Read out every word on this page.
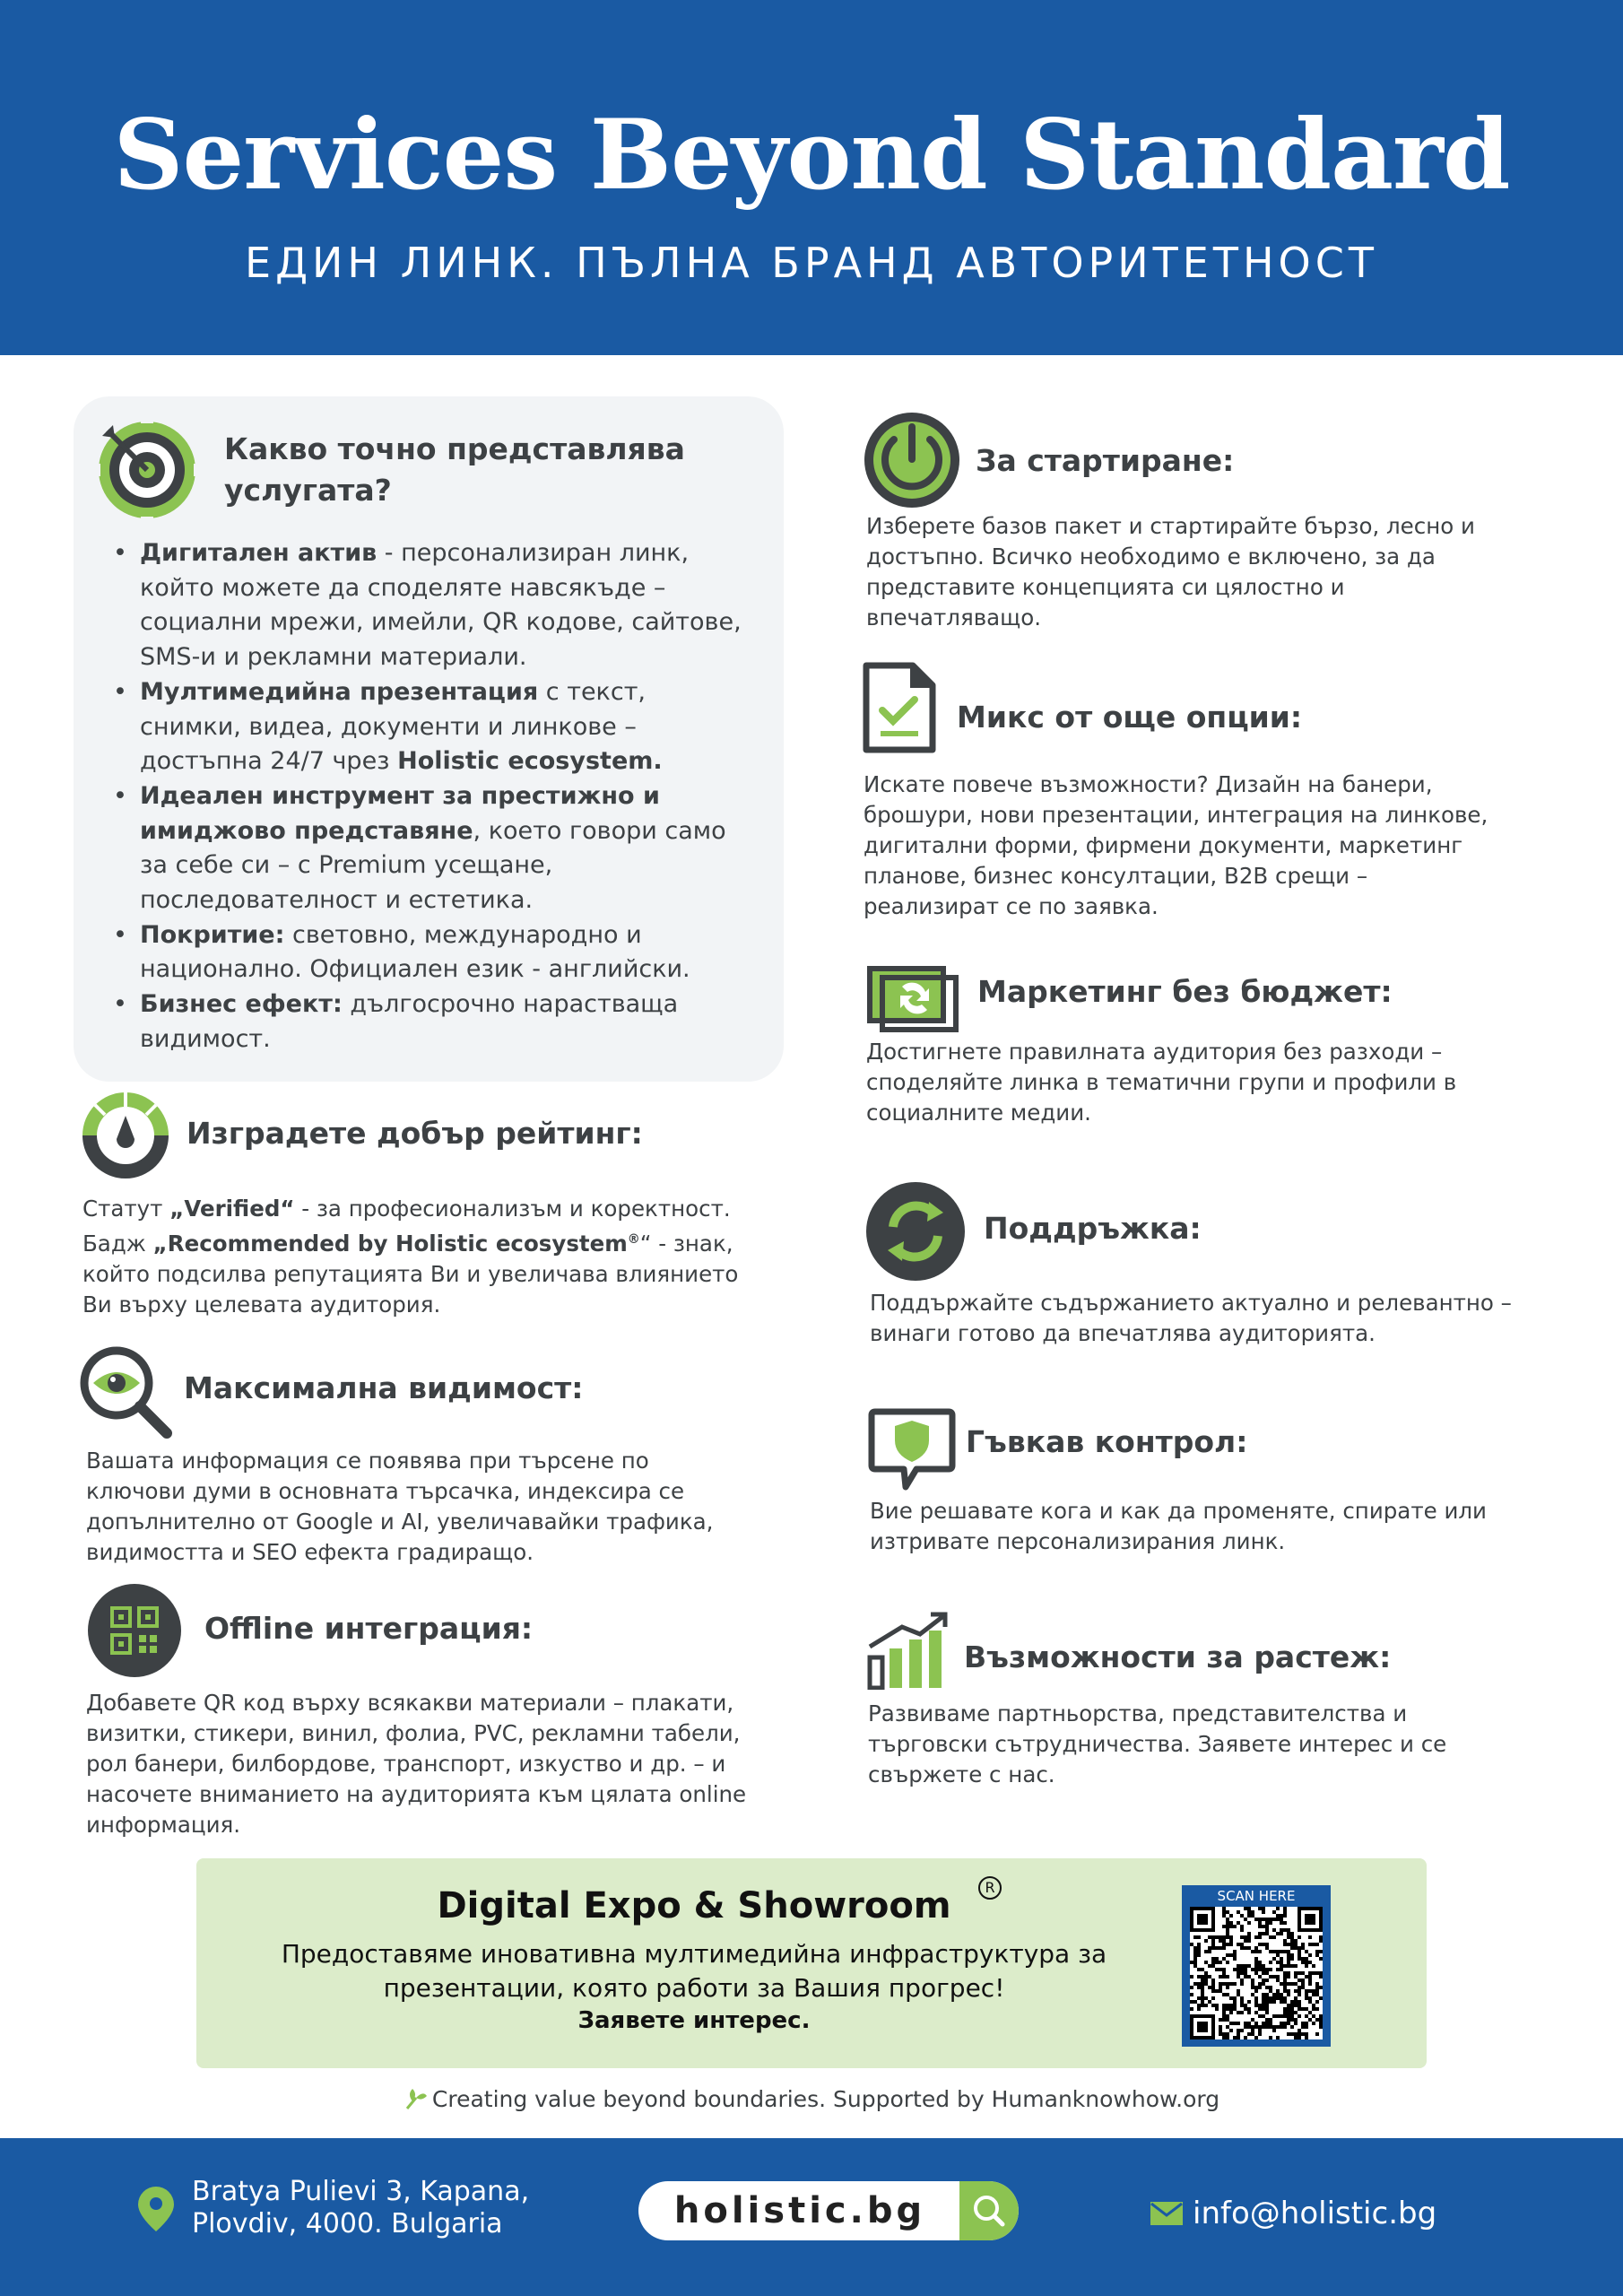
Services Beyond Standard
ЕДИН ЛИНК. ПЪЛНА БРАНД АВТОРИТЕТНОСТ
Какво точно представлява услугата?
• Дигитален актив - персонализиран линк, който можете да споделяте навсякъде – социални мрежи, имейли, QR кодове, сайтове, SMS-и и рекламни материали.
• Мултимедийна презентация с текст, снимки, видеа, документи и линкове – достъпна 24/7 чрез Holistic ecosystem.
• Идеален инструмент за престижно и имиджово представяне, което говори само за себе си – с Premium усещане, последователност и естетика.
• Покритие: световно, международно и национално. Официален език - английски.
• Бизнес ефект: дългосрочно нарастваща видимост.
Изградете добър рейтинг:
Статут „Verified“ - за професионализъм и коректност. Бадж „Recommended by Holistic ecosystem®“ - знак, който подсилва репутацията Ви и увеличава влиянието Ви върху целевата аудитория.
Максимална видимост:
Вашата информация се появява при търсене по ключови думи в основната търсачка, индексира се допълнително от Google и AI, увеличавайки трафика, видимостта и SEO ефекта градиращо.
Offline интеграция:
Добавете QR код върху всякакви материали – плакати, визитки, стикери, винил, фолиа, PVC, рекламни табели, рол банери, билбордове, транспорт, изкуство и др. – и насочете вниманието на аудиторията към цялата online информация.
За стартиране:
Изберете базов пакет и стартирайте бързо, лесно и достъпно. Всичко необходимо е включено, за да представите концепцията си цялостно и впечатляващо.
Микс от още опции:
Искате повече възможности? Дизайн на банери, брошури, нови презентации, интеграция на линкове, дигитални форми, фирмени документи, маркетинг планове, бизнес консултации, B2B срещи – реализират се по заявка.
Маркетинг без бюджет:
Достигнете правилната аудитория без разходи – споделяйте линка в тематични групи и профили в социалните медии.
Поддръжка:
Поддържайте съдържанието актуално и релевантно – винаги готово да впечатлява аудиторията.
Гъвкав контрол:
Вие решавате кога и как да променяте, спирате или изтривате персонализирания линк.
Възможности за растеж:
Развиваме партньорства, представителства и търговски сътрудничества. Заявете интерес и се свържете с нас.
Digital Expo & Showroom	R
Предоставяме иновативна мултимедийна инфраструктура за презентации, която работи за Вашия прогрес!
Заявете интерес.
SCAN HERE
Creating value beyond boundaries. Supported by Humanknowhow.org
Bratya Pulievi 3, Kapana,
Plovdiv, 4000. Bulgaria	holistic.bg	info@holistic.bg
